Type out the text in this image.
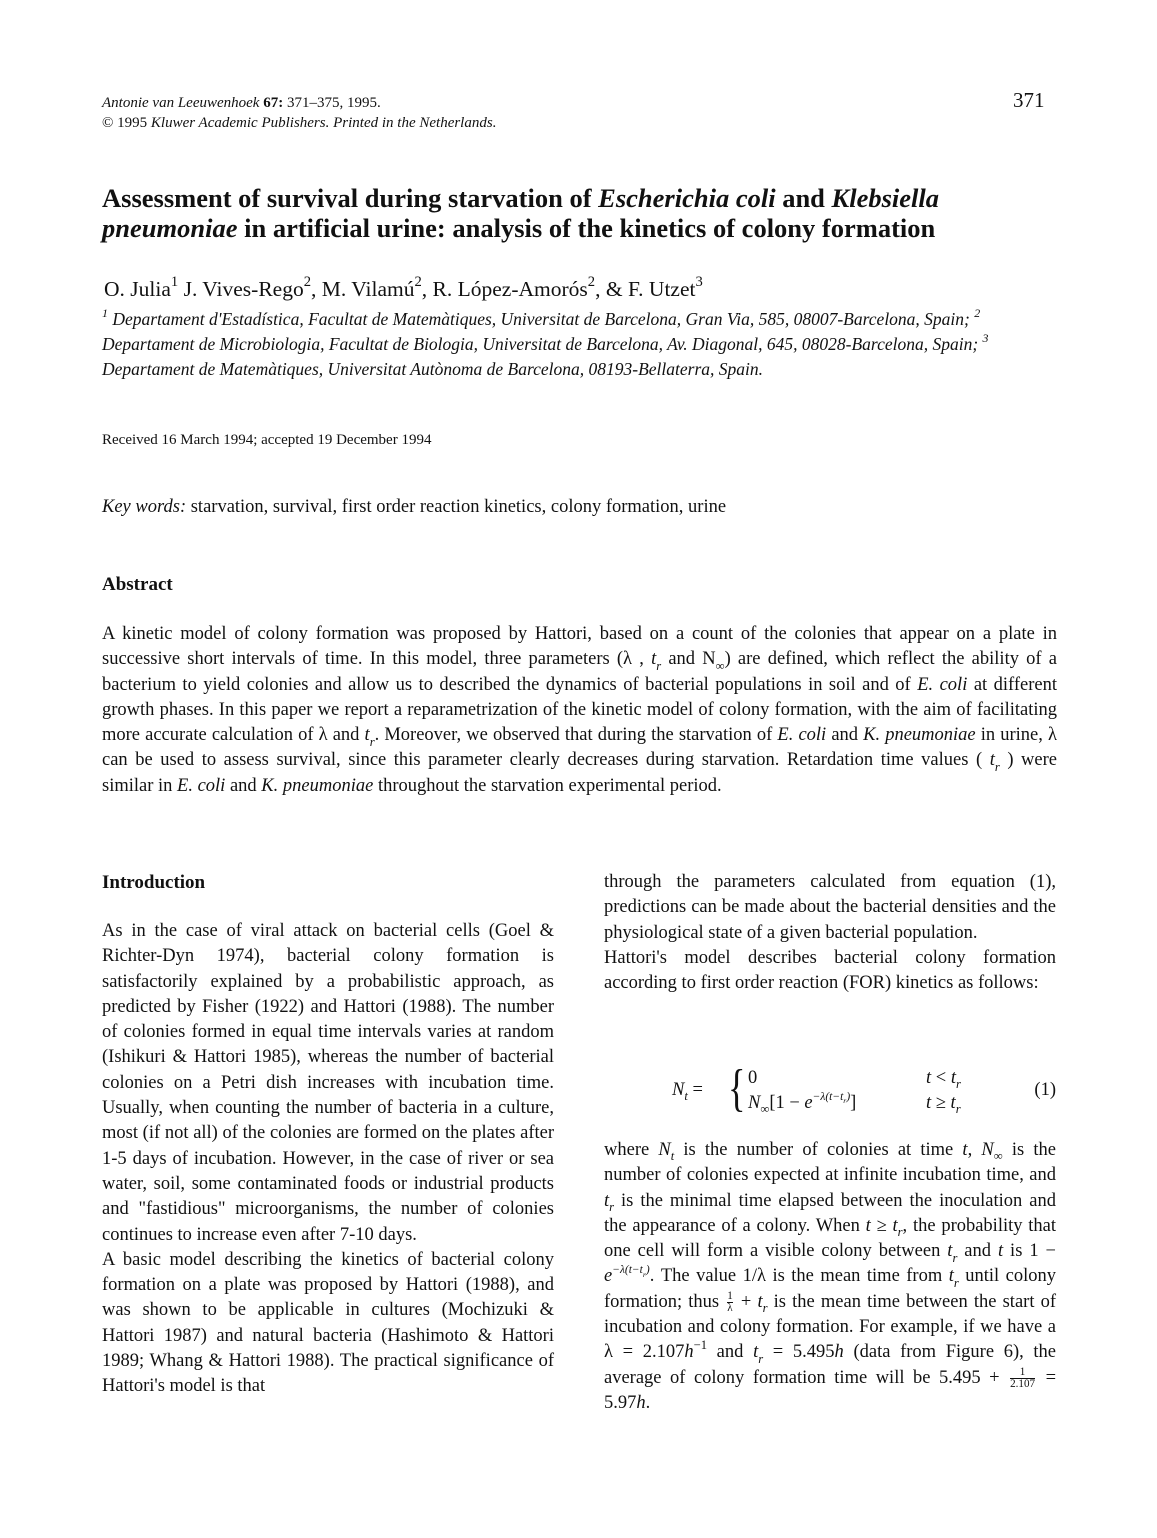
Antonie van Leeuwenhoek 67: 371–375, 1995.
© 1995 Kluwer Academic Publishers. Printed in the Netherlands.
371
Assessment of survival during starvation of Escherichia coli and Klebsiella pneumoniae in artificial urine: analysis of the kinetics of colony formation
O. Julia$^1$ J. Vives-Rego$^2$, M. Vilamú$^2$, R. López-Amorós$^2$, & F. Utzet$^3$
$^1$ Departament d'Estadística, Facultat de Matemàtiques, Universitat de Barcelona, Gran Via, 585, 08007-Barcelona, Spain; $^2$ Departament de Microbiologia, Facultat de Biologia, Universitat de Barcelona, Av. Diagonal, 645, 08028-Barcelona, Spain; $^3$ Departament de Matemàtiques, Universitat Autònoma de Barcelona, 08193-Bellaterra, Spain.
Received 16 March 1994; accepted 19 December 1994
Key words: starvation, survival, first order reaction kinetics, colony formation, urine
Abstract
A kinetic model of colony formation was proposed by Hattori, based on a count of the colonies that appear on a plate in successive short intervals of time. In this model, three parameters (λ , $t_r$ and $N_\infty$) are defined, which reflect the ability of a bacterium to yield colonies and allow us to described the dynamics of bacterial populations in soil and of E. coli at different growth phases. In this paper we report a reparametrization of the kinetic model of colony formation, with the aim of facilitating more accurate calculation of λ and $t_r$. Moreover, we observed that during the starvation of E. coli and K. pneumoniae in urine, λ can be used to assess survival, since this parameter clearly decreases during starvation. Retardation time values ( $t_r$ ) were similar in E. coli and K. pneumoniae throughout the starvation experimental period.
Introduction

As in the case of viral attack on bacterial cells (Goel & Richter-Dyn 1974), bacterial colony formation is satisfactorily explained by a probabilistic approach, as predicted by Fisher (1922) and Hattori (1988). The number of colonies formed in equal time intervals varies at random (Ishikuri & Hattori 1985), whereas the number of bacterial colonies on a Petri dish increases with incubation time. Usually, when counting the number of bacteria in a culture, most (if not all) of the colonies are formed on the plates after 1-5 days of incubation. However, in the case of river or sea water, soil, some contaminated foods or industrial products and "fastidious" microorganisms, the number of colonies continues to increase even after 7-10 days.

A basic model describing the kinetics of bacterial colony formation on a plate was proposed by Hattori (1988), and was shown to be applicable in cultures (Mochizuki & Hattori 1987) and natural bacteria (Hashimoto & Hattori 1989; Whang & Hattori 1988). The practical significance of Hattori's model is that

through the parameters calculated from equation (1), predictions can be made about the bacterial densities and the physiological state of a given bacterial population.

Hattori's model describes bacterial colony formation according to first order reaction (FOR) kinetics as follows:

$N_t$ = { 0
$N_\infty[1 - e^{-\lambda(t-t_r)}]$
$t < t_r$
$t \ge t_r$
(1)
where $N_t$ is the number of colonies at time t, $N_\infty$ is the number of colonies expected at infinite incubation time, and $t_r$ is the minimal time elapsed between the inoculation and the appearance of a colony. When $t \ge t_r$, the probability that one cell will form a visible colony between $t_r$ and t is $1 - e^{-\lambda(t-t_r)}$. The value 1/λ is the mean time from $t_r$ until colony formation; thus $\frac{1}{\lambda} + t_r$ is the mean time between the start of incubation and colony formation. For example, if we have a $\lambda = 2.107h^{-1}$ and $t_r = 5.495h$ (data from Figure 6), the average of colony formation time will be $5.495 + \frac{1}{2.107} = 5.97h$.
